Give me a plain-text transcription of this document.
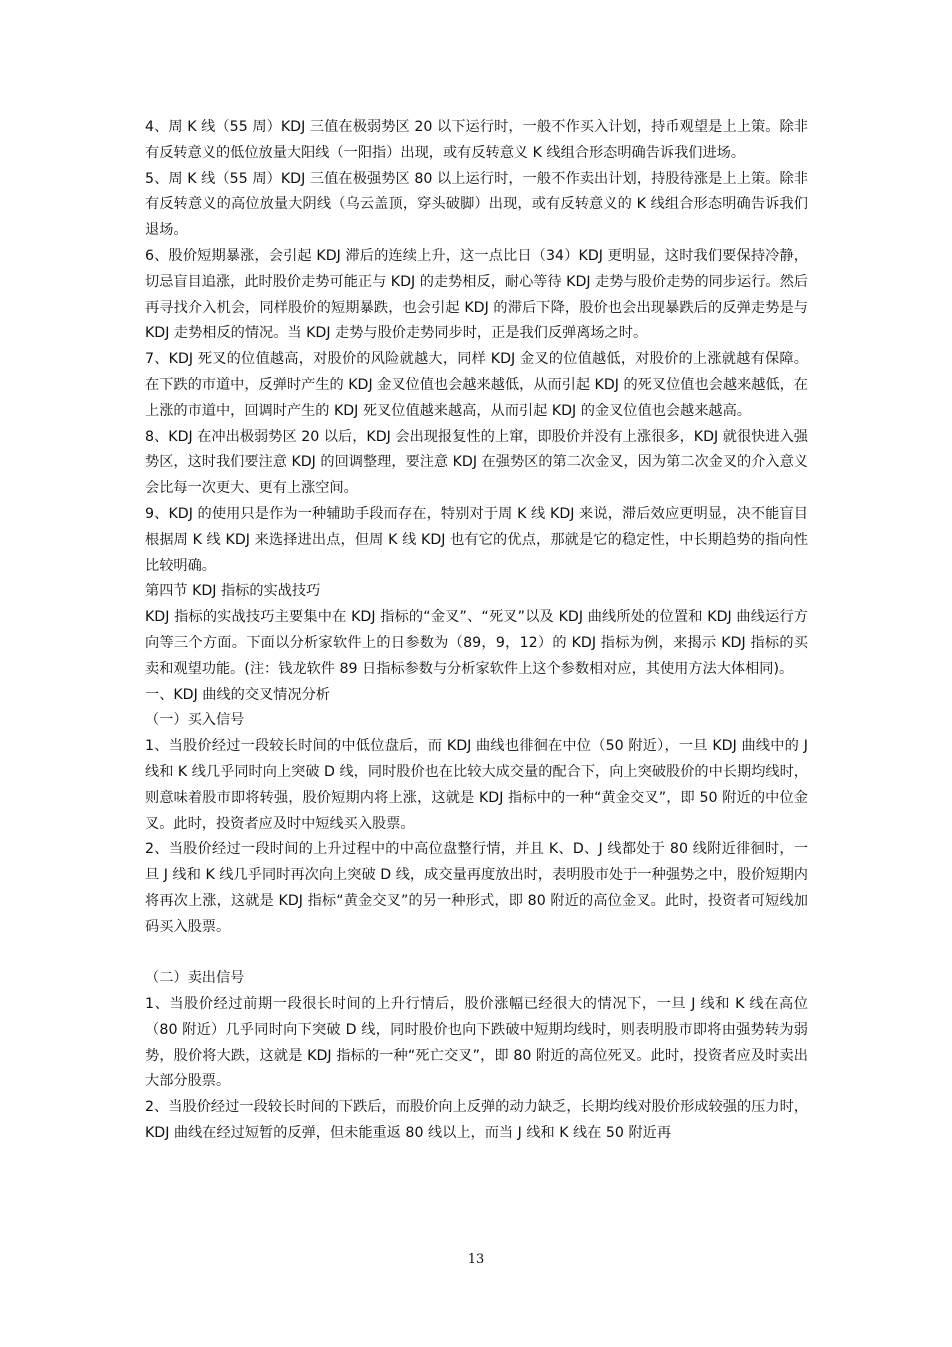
4、周 K 线（55 周）KDJ 三值在极弱势区 20 以下运行时，一般不作买入计划，持币观望是上上策。除非有反转意义的低位放量大阳线（一阳指）出现，或有反转意义 K 线组合形态明确告诉我们进场。

5、周 K 线（55 周）KDJ 三值在极强势区 80 以上运行时，一般不作卖出计划，持股待涨是上上策。除非有反转意义的高位放量大阴线（乌云盖顶，穿头破脚）出现，或有反转意义的 K 线组合形态明确告诉我们退场。

6、股价短期暴涨，会引起 KDJ 滞后的连续上升，这一点比日（34）KDJ 更明显，这时我们要保持冷静，切忌盲目追涨，此时股价走势可能正与 KDJ 的走势相反，耐心等待 KDJ 走势与股价走势的同步运行。然后再寻找介入机会，同样股价的短期暴跌，也会引起 KDJ 的滞后下降，股价也会出现暴跌后的反弹走势是与 KDJ 走势相反的情况。当 KDJ 走势与股价走势同步时，正是我们反弹离场之时。

7、KDJ 死叉的位值越高，对股价的风险就越大，同样 KDJ 金叉的位值越低，对股价的上涨就越有保障。在下跌的市道中，反弹时产生的 KDJ 金叉位值也会越来越低，从而引起 KDJ 的死叉位值也会越来越低，在上涨的市道中，回调时产生的 KDJ 死叉位值越来越高，从而引起 KDJ 的金叉位值也会越来越高。

8、KDJ 在冲出极弱势区 20 以后，KDJ 会出现报复性的上窜，即股价并没有上涨很多，KDJ 就很快进入强势区，这时我们要注意 KDJ 的回调整理，要注意 KDJ 在强势区的第二次金叉，因为第二次金叉的介入意义会比每一次更大、更有上涨空间。

9、KDJ 的使用只是作为一种辅助手段而存在，特别对于周 K 线 KDJ 来说，滞后效应更明显，决不能盲目根据周 K 线 KDJ 来选择进出点，但周 K 线 KDJ 也有它的优点，那就是它的稳定性，中长期趋势的指向性比较明确。

第四节 KDJ 指标的实战技巧

KDJ 指标的实战技巧主要集中在 KDJ 指标的“金叉”、“死叉”以及 KDJ 曲线所处的位置和 KDJ 曲线运行方向等三个方面。下面以分析家软件上的日参数为（89，9，12）的 KDJ 指标为例，来揭示 KDJ 指标的买卖和观望功能。(注：钱龙软件 89 日指标参数与分析家软件上这个参数相对应，其使用方法大体相同)。

一、KDJ 曲线的交叉情况分析

（一）买入信号

1、当股价经过一段较长时间的中低位盘后，而 KDJ 曲线也徘徊在中位（50 附近），一旦 KDJ 曲线中的 J 线和 K 线几乎同时向上突破 D 线，同时股价也在比较大成交量的配合下，向上突破股价的中长期均线时，则意味着股市即将转强，股价短期内将上涨，这就是 KDJ 指标中的一种“黄金交叉”，即 50 附近的中位金叉。此时，投资者应及时中短线买入股票。

2、当股价经过一段时间的上升过程中的中高位盘整行情，并且 K、D、J 线都处于 80 线附近徘徊时，一旦 J 线和 K 线几乎同时再次向上突破 D 线，成交量再度放出时，表明股市处于一种强势之中，股价短期内将再次上涨，这就是 KDJ 指标“黄金交叉”的另一种形式，即 80 附近的高位金叉。此时，投资者可短线加码买入股票。

（二）卖出信号

1、当股价经过前期一段很长时间的上升行情后，股价涨幅已经很大的情况下，一旦 J 线和 K 线在高位（80 附近）几乎同时向下突破 D 线，同时股价也向下跌破中短期均线时，则表明股市即将由强势转为弱势，股价将大跌，这就是 KDJ 指标的一种“死亡交叉”，即 80 附近的高位死叉。此时，投资者应及时卖出大部分股票。

2、当股价经过一段较长时间的下跌后，而股价向上反弹的动力缺乏，长期均线对股价形成较强的压力时，KDJ 曲线在经过短暂的反弹，但未能重返 80 线以上，而当 J 线和 K 线在 50 附近再

13
